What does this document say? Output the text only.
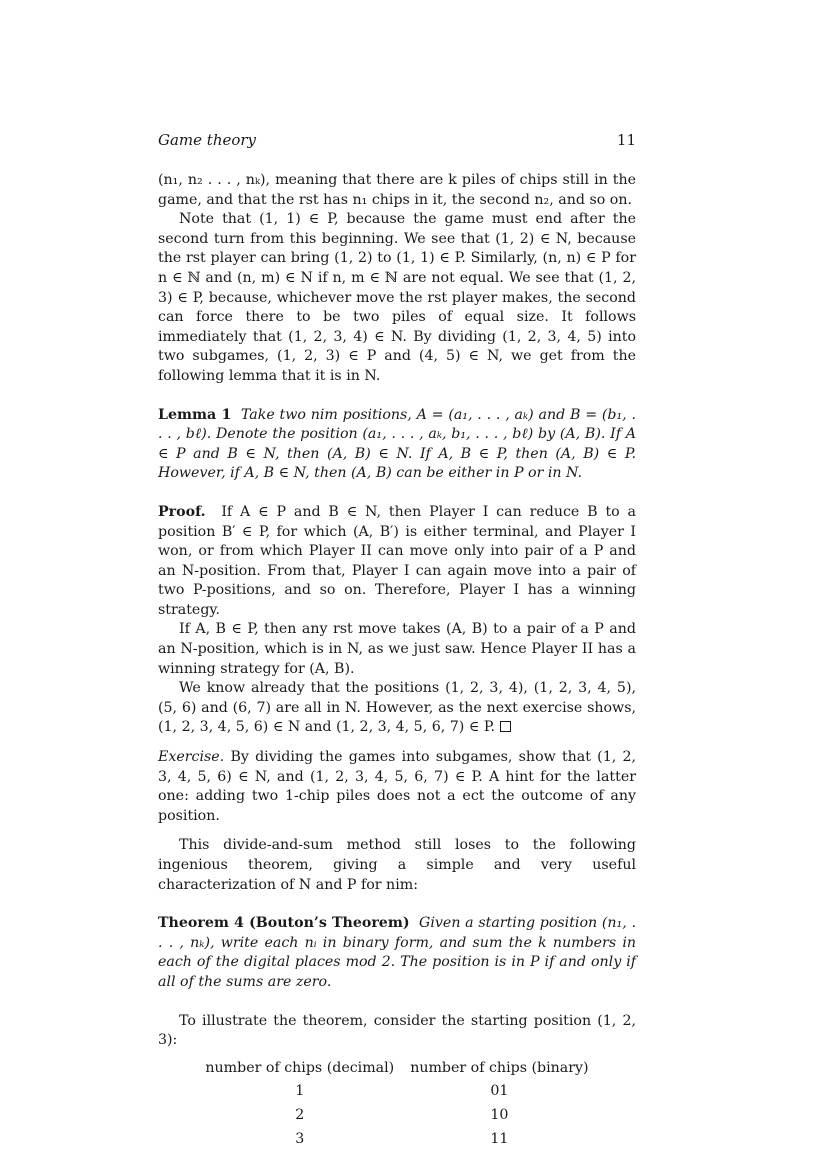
Game theory	11

(n₁, n₂ . . . , nₖ), meaning that there are k piles of chips still in the game, and that the rst has n₁ chips in it, the second n₂, and so on.

Note that (1, 1) ∈ P, because the game must end after the second turn from this beginning. We see that (1, 2) ∈ N, because the rst player can bring (1, 2) to (1, 1) ∈ P. Similarly, (n, n) ∈ P for n ∈ ℕ and (n, m) ∈ N if n, m ∈ ℕ are not equal. We see that (1, 2, 3) ∈ P, because, whichever move the rst player makes, the second can force there to be two piles of equal size. It follows immediately that (1, 2, 3, 4) ∈ N. By dividing (1, 2, 3, 4, 5) into two subgames, (1, 2, 3) ∈ P and (4, 5) ∈ N, we get from the following lemma that it is in N.

Lemma 1 Take two nim positions, A = (a₁, . . . , aₖ) and B = (b₁, . . . , bℓ). Denote the position (a₁, . . . , aₖ, b₁, . . . , bℓ) by (A, B). If A ∈ P and B ∈ N, then (A, B) ∈ N. If A, B ∈ P, then (A, B) ∈ P. However, if A, B ∈ N, then (A, B) can be either in P or in N.

Proof. If A ∈ P and B ∈ N, then Player I can reduce B to a position B′ ∈ P, for which (A, B′) is either terminal, and Player I won, or from which Player II can move only into pair of a P and an N-position. From that, Player I can again move into a pair of two P-positions, and so on. Therefore, Player I has a winning strategy.

If A, B ∈ P, then any rst move takes (A, B) to a pair of a P and an N-position, which is in N, as we just saw. Hence Player II has a winning strategy for (A, B).

We know already that the positions (1, 2, 3, 4), (1, 2, 3, 4, 5), (5, 6) and (6, 7) are all in N. However, as the next exercise shows, (1, 2, 3, 4, 5, 6) ∈ N and (1, 2, 3, 4, 5, 6, 7) ∈ P.

Exercise. By dividing the games into subgames, show that (1, 2, 3, 4, 5, 6) ∈ N, and (1, 2, 3, 4, 5, 6, 7) ∈ P. A hint for the latter one: adding two 1-chip piles does not a ect the outcome of any position.

This divide-and-sum method still loses to the following ingenious theorem, giving a simple and very useful characterization of N and P for nim:

Theorem 4 (Bouton’s Theorem) Given a starting position (n₁, . . . , nₖ), write each nᵢ in binary form, and sum the k numbers in each of the digital places mod 2. The position is in P if and only if all of the sums are zero.

To illustrate the theorem, consider the starting position (1, 2, 3):

number of chips (decimal)	number of chips (binary)
1	01
2	10
3	11
